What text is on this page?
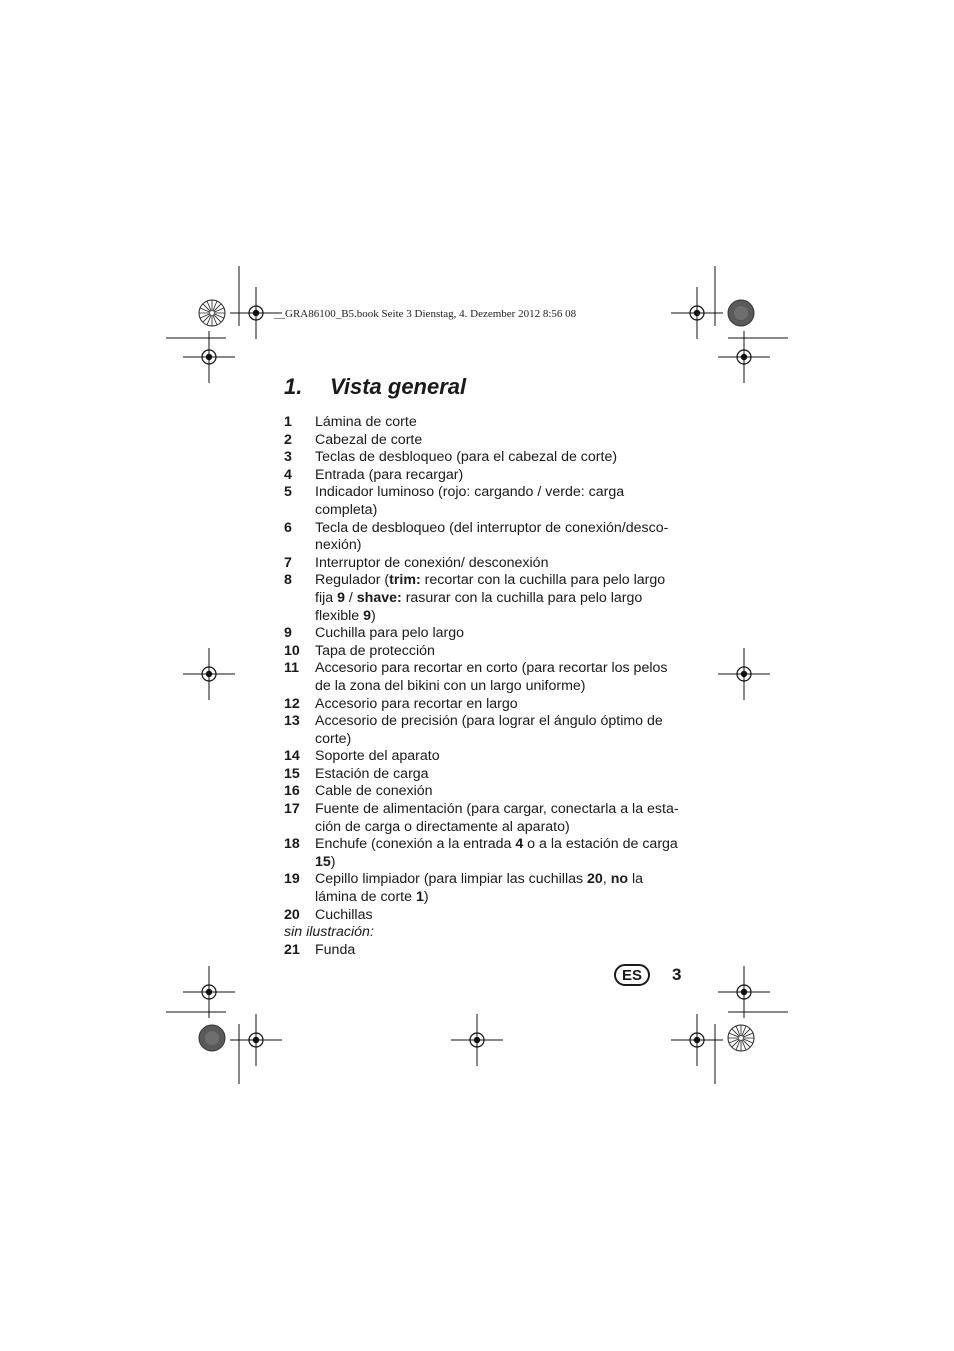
__GRA86100_B5.book Seite 3 Dienstag, 4. Dezember 2012 8:56 08
1. Vista general
1	Lámina de corte
2	Cabezal de corte
3	Teclas de desbloqueo (para el cabezal de corte)
4	Entrada (para recargar)
5	Indicador luminoso (rojo: cargando / verde: carga completa)
6	Tecla de desbloqueo (del interruptor de conexión/desco-nexión)
7	Interruptor de conexión/ desconexión
8	Regulador (trim: recortar con la cuchilla para pelo largo fija 9 / shave: rasurar con la cuchilla para pelo largo flexible 9)
9	Cuchilla para pelo largo
10	Tapa de protección
11	Accesorio para recortar en corto (para recortar los pelos de la zona del bikini con un largo uniforme)
12	Accesorio para recortar en largo
13	Accesorio de precisión (para lograr el ángulo óptimo de corte)
14	Soporte del aparato
15	Estación de carga
16	Cable de conexión
17	Fuente de alimentación (para cargar, conectarla a la esta-ción de carga o directamente al aparato)
18	Enchufe (conexión a la entrada 4 o a la estación de carga 15)
19	Cepillo limpiador (para limpiar las cuchillas 20, no la lámina de corte 1)
20	Cuchillas
sin ilustración:
21	Funda
ES	3
